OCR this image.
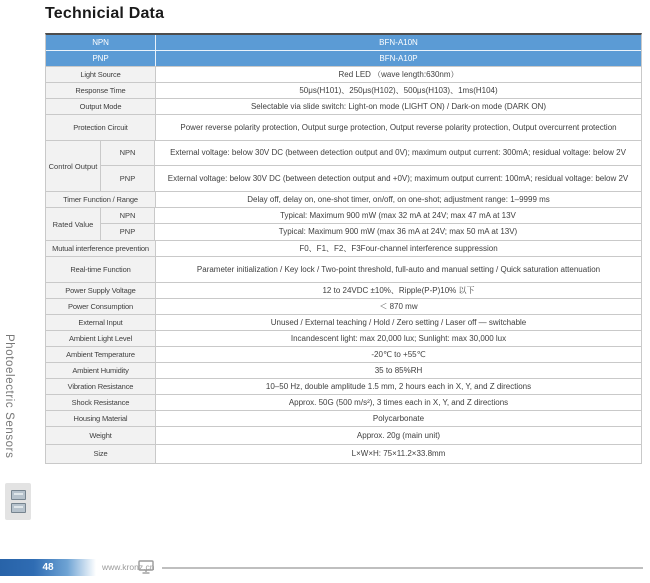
Technicial Data
NPN	BFN-A10N
PNP	BFN-A10P
Light Source	Red LED （wave length:630nm）
Response Time	50μs(H101)、250μs(H102)、500μs(H103)、1ms(H104)
Output Mode	Selectable via slide switch: Light-on mode (LIGHT ON) / Dark-on mode (DARK ON)
Protection Circuit	Power reverse polarity protection, Output surge protection, Output reverse polarity protection, Output overcurrent protection
Control Output
NPN	External voltage: below 30V DC (between detection output and 0V); maximum output current: 300mA; residual voltage: below 2V
PNP	External voltage: below 30V DC (between detection output and +0V); maximum output current: 100mA; residual voltage: below 2V
Timer Function / Range	Delay off, delay on, one-shot timer, on/off, on one-shot; adjustment range: 1–9999 ms
Rated Value
NPN	Typical: Maximum 900 mW (max 32 mA at 24V; max 47 mA at 13V
PNP	Typical: Maximum 900 mW (max 36 mA at 24V; max 50 mA at 13V)
Mutual interference prevention	F0、F1、F2、F3Four-channel interference suppression
Real-time Function	Parameter initialization / Key lock / Two-point threshold, full-auto and manual setting / Quick saturation attenuation
Power Supply Voltage	12 to 24VDC ±10%、Ripple(P-P)10% 以下
Power Consumption	＜ 870 mw
External Input	Unused / External teaching / Hold / Zero setting / Laser off — switchable
Ambient Light Level	Incandescent light: max 20,000 lux; Sunlight: max 30,000 lux
Ambient Temperature	-20℃ to +55℃
Ambient Humidity	35 to 85%RH
Vibration Resistance	10–50 Hz, double amplitude 1.5 mm, 2 hours each in X, Y, and Z directions
Shock Resistance	Approx. 50G (500 m/s²), 3 times each in X, Y, and Z directions
Housing Material	Polycarbonate
Weight	Approx. 20g (main unit)
Size	L×W×H: 75×11.2×33.8mm
Photoelectric Sensors
48	www.kronz.cn
